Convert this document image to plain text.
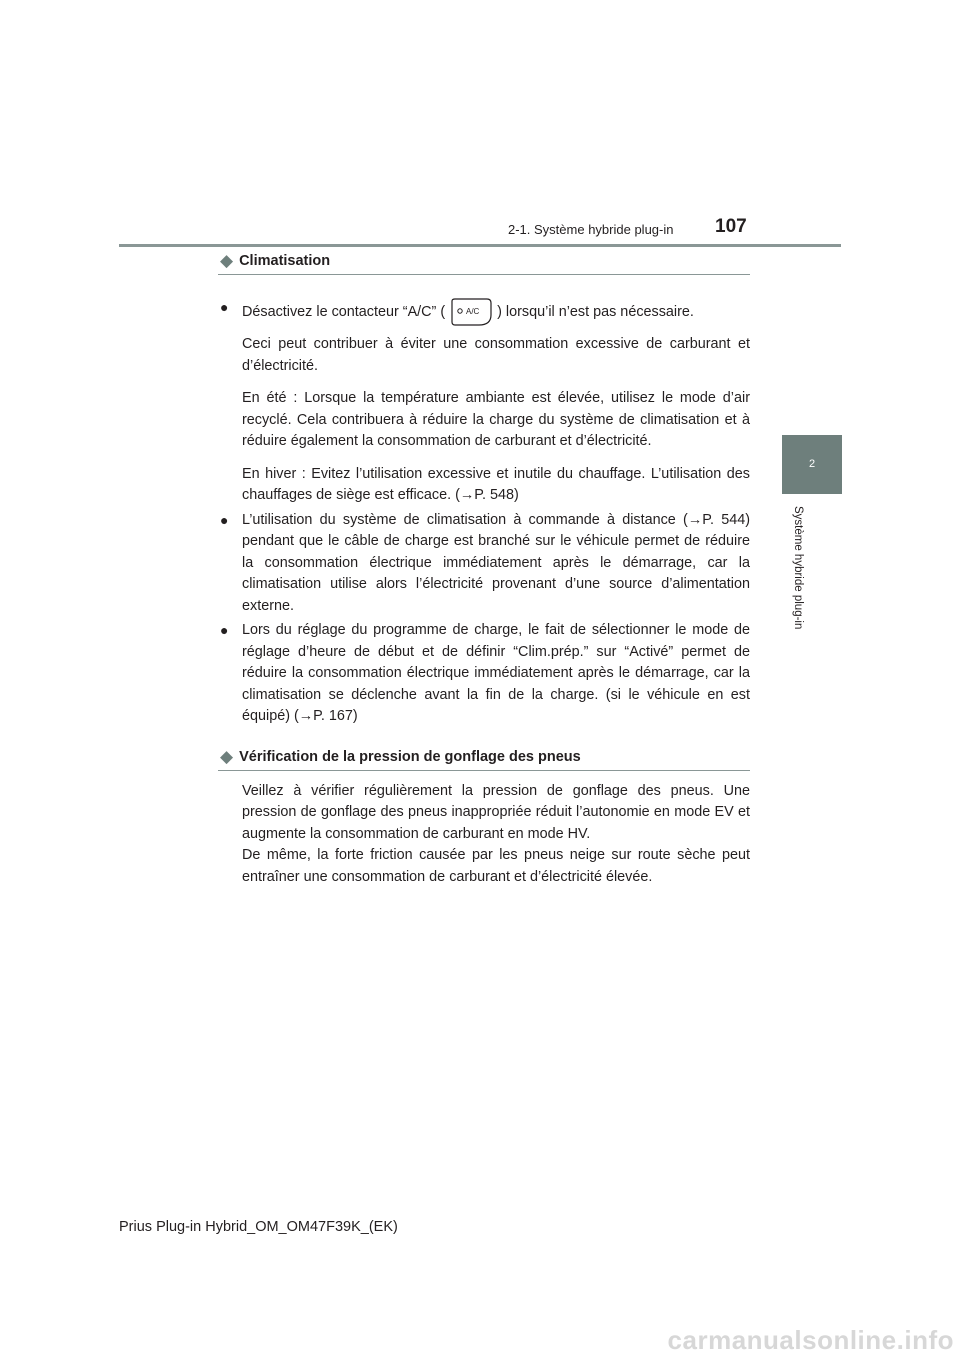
2-1. Système hybride plug-in 107
2
Système hybride plug-in
◆ Climatisation
● Désactivez le contacteur “A/C” (	A/C ) lorsqu’il n’est pas nécessaire.

Ceci peut contribuer à éviter une consommation excessive de carburant et d’électricité.

En été : Lorsque la température ambiante est élevée, utilisez le mode d’air recyclé. Cela contribuera à réduire la charge du système de climatisation et à réduire également la consommation de carburant et d’électricité.

En hiver : Evitez l’utilisation excessive et inutile du chauffage. L’utilisation des chauffages de siège est efficace. (→P. 548)

● L’utilisation du système de climatisation à commande à distance (→P. 544) pendant que le câble de charge est branché sur le véhicule permet de réduire la consommation électrique immédiatement après le démarrage, car la climatisation utilise alors l’électricité provenant d’une source d’alimentation externe.
● Lors du réglage du programme de charge, le fait de sélectionner le mode de réglage d’heure de début et de définir “Clim.prép.” sur “Activé” permet de réduire la consommation électrique immédiatement après le démarrage, car la climatisation se déclenche avant la fin de la charge. (si le véhicule en est équipé) (→P. 167)
◆ Vérification de la pression de gonflage des pneus

Veillez à vérifier régulièrement la pression de gonflage des pneus. Une pression de gonflage des pneus inappropriée réduit l’autonomie en mode EV et augmente la consommation de carburant en mode HV.

De même, la forte friction causée par les pneus neige sur route sèche peut entraîner une consommation de carburant et d’électricité élevée.

Prius Plug-in Hybrid_OM_OM47F39K_(EK)
carmanualsonline.info
